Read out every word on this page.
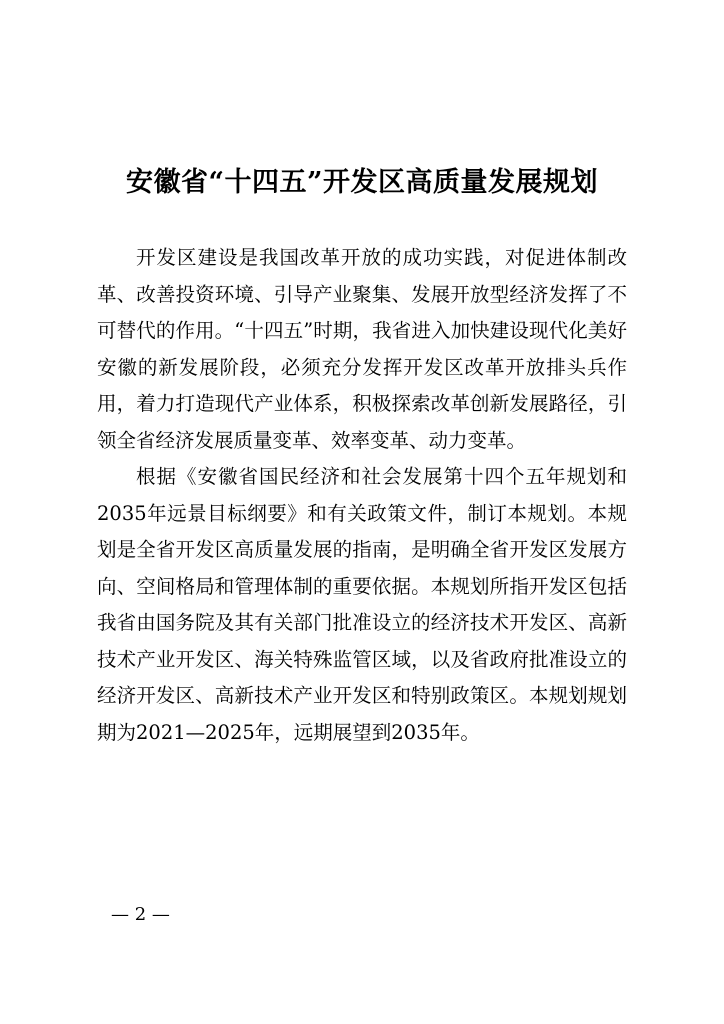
安徽省“十四五”开发区高质量发展规划

开发区建设是我国改革开放的成功实践，对促进体制改革、改善投资环境、引导产业聚集、发展开放型经济发挥了不可替代的作用。“十四五”时期，我省进入加快建设现代化美好安徽的新发展阶段，必须充分发挥开发区改革开放排头兵作用，着力打造现代产业体系，积极探索改革创新发展路径，引领全省经济发展质量变革、效率变革、动力变革。

根据《安徽省国民经济和社会发展第十四个五年规划和2035年远景目标纲要》和有关政策文件，制订本规划。本规划是全省开发区高质量发展的指南，是明确全省开发区发展方向、空间格局和管理体制的重要依据。本规划所指开发区包括我省由国务院及其有关部门批准设立的经济技术开发区、高新技术产业开发区、海关特殊监管区域，以及省政府批准设立的经济开发区、高新技术产业开发区和特别政策区。本规划规划期为2021—2025年，远期展望到2035年。

— 2 —
